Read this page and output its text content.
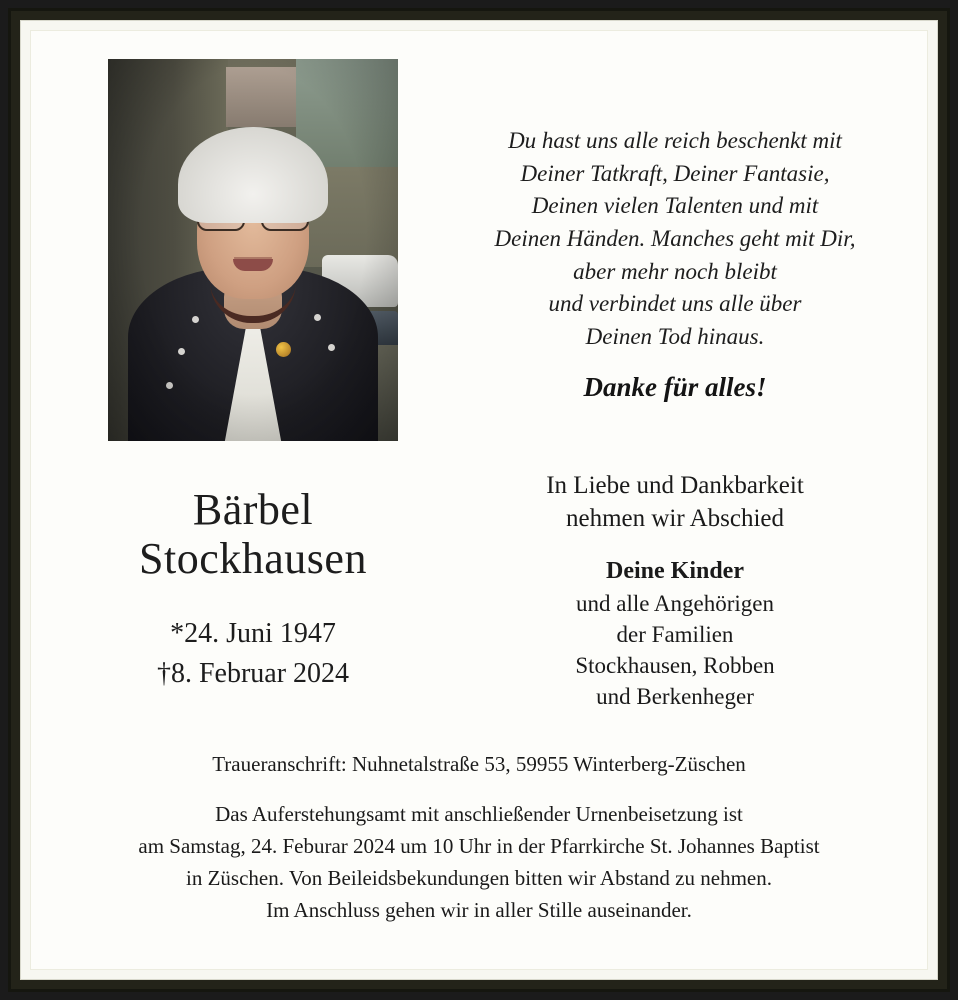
Bärbel
Stockhausen
*24. Juni 1947
†8. Februar 2024
Du hast uns alle reich beschenkt mit
Deiner Tatkraft, Deiner Fantasie,
Deinen vielen Talenten und mit
Deinen Händen. Manches geht mit Dir,
aber mehr noch bleibt
und verbindet uns alle über
Deinen Tod hinaus.
Danke für alles!
In Liebe und Dankbarkeit
nehmen wir Abschied
Deine Kinder
und alle Angehörigen
der Familien
Stockhausen, Robben
und Berkenheger
Traueranschrift: Nuhnetalstraße 53, 59955 Winterberg-Züschen
Das Auferstehungsamt mit anschließender Urnenbeisetzung ist
am Samstag, 24. Feburar 2024 um 10 Uhr in der Pfarrkirche St. Johannes Baptist
in Züschen. Von Beileidsbekundungen bitten wir Abstand zu nehmen.
Im Anschluss gehen wir in aller Stille auseinander.
